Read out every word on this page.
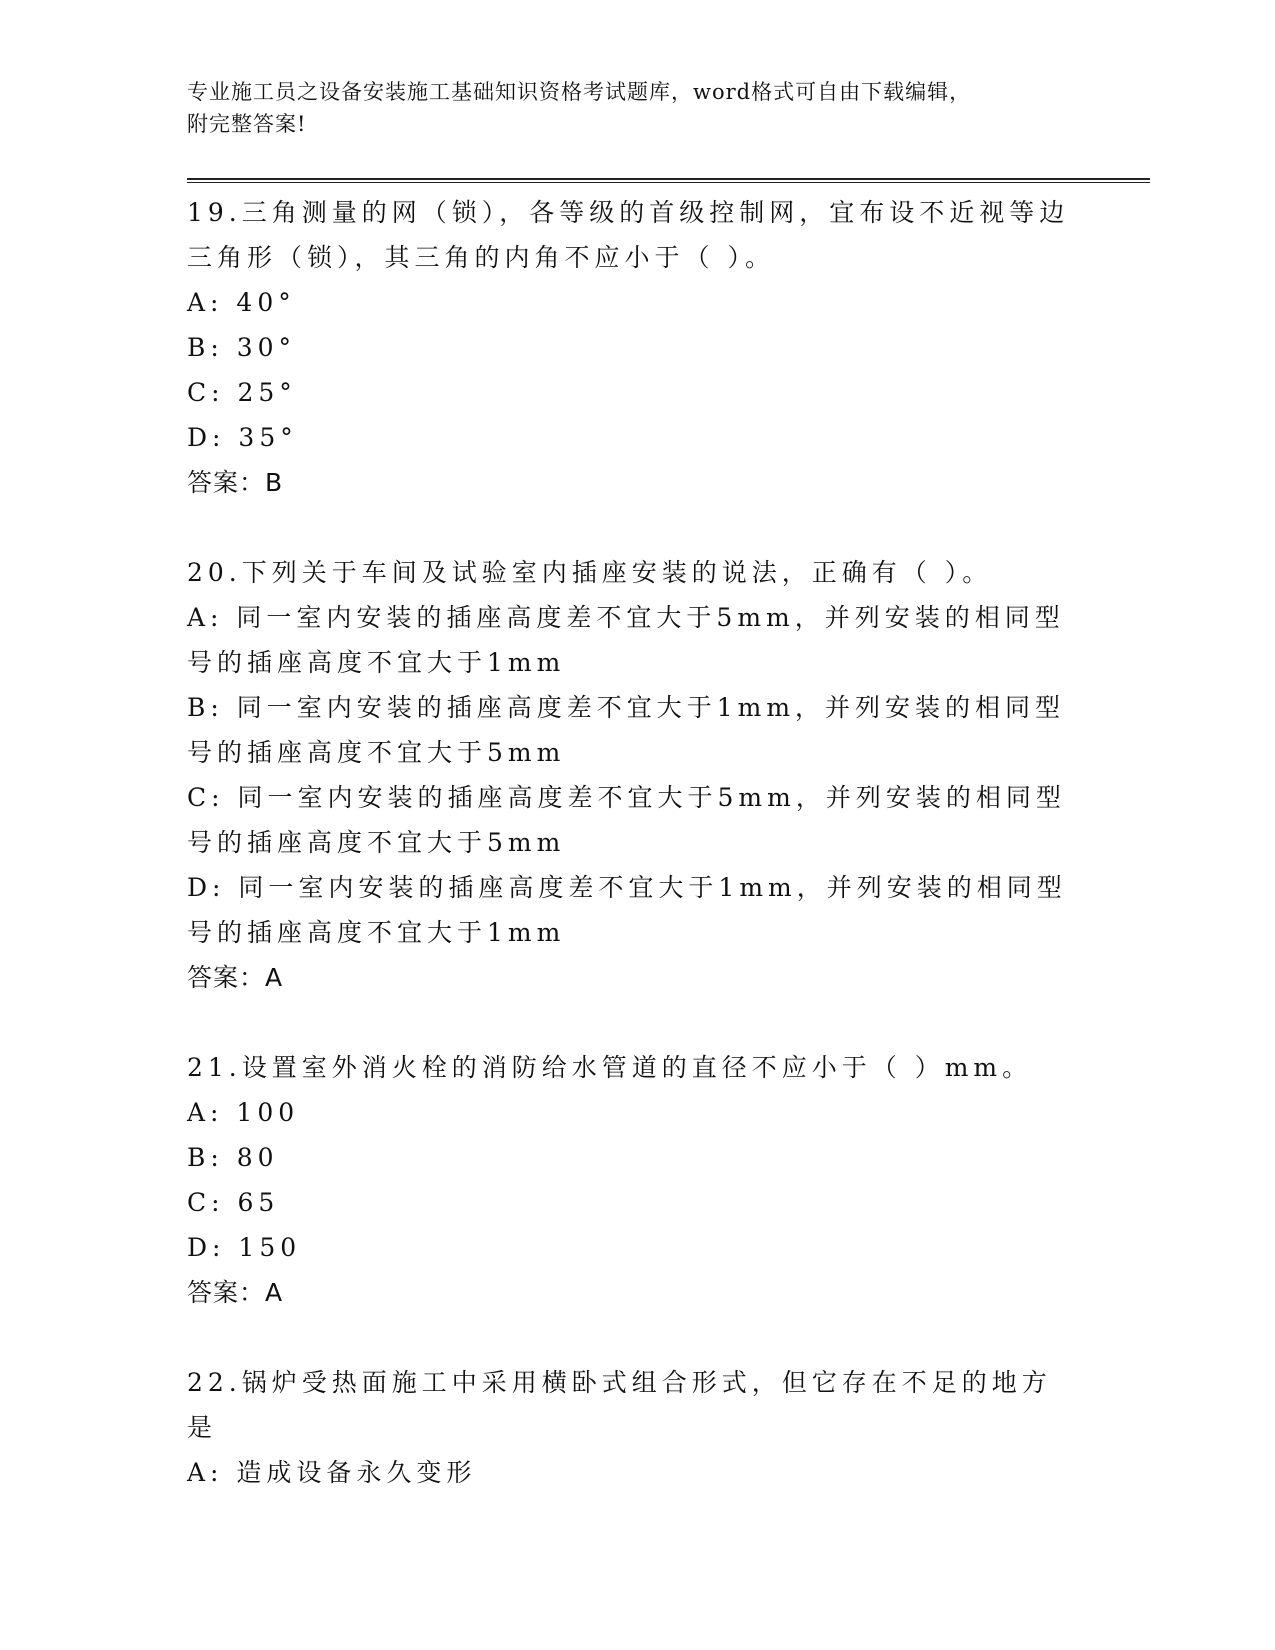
专业施工员之设备安装施工基础知识资格考试题库，word格式可自由下载编辑，
附完整答案!

19.三角测量的网（锁），各等级的首级控制网，宜布设不近视等边三角形（锁），其三角的内角不应小于（ ）。

A: 40°

B: 30°

C: 25°

D: 35°

答案：B

20.下列关于车间及试验室内插座安装的说法，正确有（ ）。

A: 同一室内安装的插座高度差不宜大于5mm，并列安装的相同型号的插座高度不宜大于1mm

B: 同一室内安装的插座高度差不宜大于1mm，并列安装的相同型号的插座高度不宜大于5mm

C: 同一室内安装的插座高度差不宜大于5mm，并列安装的相同型号的插座高度不宜大于5mm

D: 同一室内安装的插座高度差不宜大于1mm，并列安装的相同型号的插座高度不宜大于1mm

答案：A

21.设置室外消火栓的消防给水管道的直径不应小于（ ）mm。

A: 100

B: 80

C: 65

D: 150

答案：A

22.锅炉受热面施工中采用横卧式组合形式，但它存在不足的地方是

A: 造成设备永久变形
